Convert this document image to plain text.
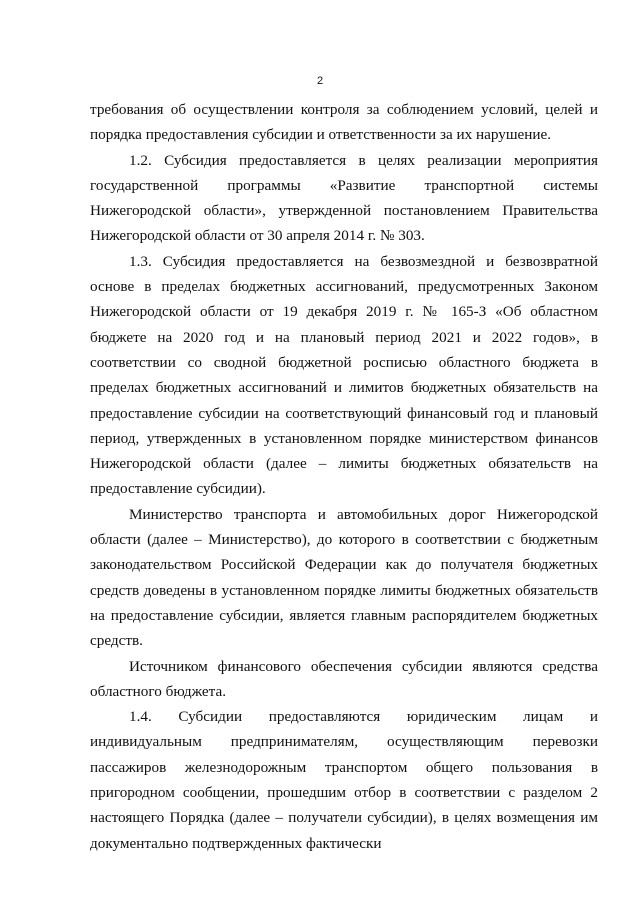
2

требования об осуществлении контроля за соблюдением условий, целей и порядка предоставления субсидии и ответственности за их нарушение.

1.2. Субсидия предоставляется в целях реализации мероприятия государственной программы «Развитие транспортной системы Нижегородской области», утвержденной постановлением Правительства Нижегородской области от 30 апреля 2014 г. № 303.

1.3. Субсидия предоставляется на безвозмездной и безвозвратной основе в пределах бюджетных ассигнований, предусмотренных Законом Нижегородской области от 19 декабря 2019 г. № 165-З «Об областном бюджете на 2020 год и на плановый период 2021 и 2022 годов», в соответствии со сводной бюджетной росписью областного бюджета в пределах бюджетных ассигнований и лимитов бюджетных обязательств на предоставление субсидии на соответствующий финансовый год и плановый период, утвержденных в установленном порядке министерством финансов Нижегородской области (далее – лимиты бюджетных обязательств на предоставление субсидии).

Министерство транспорта и автомобильных дорог Нижегородской области (далее – Министерство), до которого в соответствии с бюджетным законодательством Российской Федерации как до получателя бюджетных средств доведены в установленном порядке лимиты бюджетных обязательств на предоставление субсидии, является главным распорядителем бюджетных средств.

Источником финансового обеспечения субсидии являются средства областного бюджета.

1.4. Субсидии предоставляются юридическим лицам и индивидуальным предпринимателям, осуществляющим перевозки пассажиров железнодорожным транспортом общего пользования в пригородном сообщении, прошедшим отбор в соответствии с разделом 2 настоящего Порядка (далее – получатели субсидии), в целях возмещения им документально подтвержденных фактически
